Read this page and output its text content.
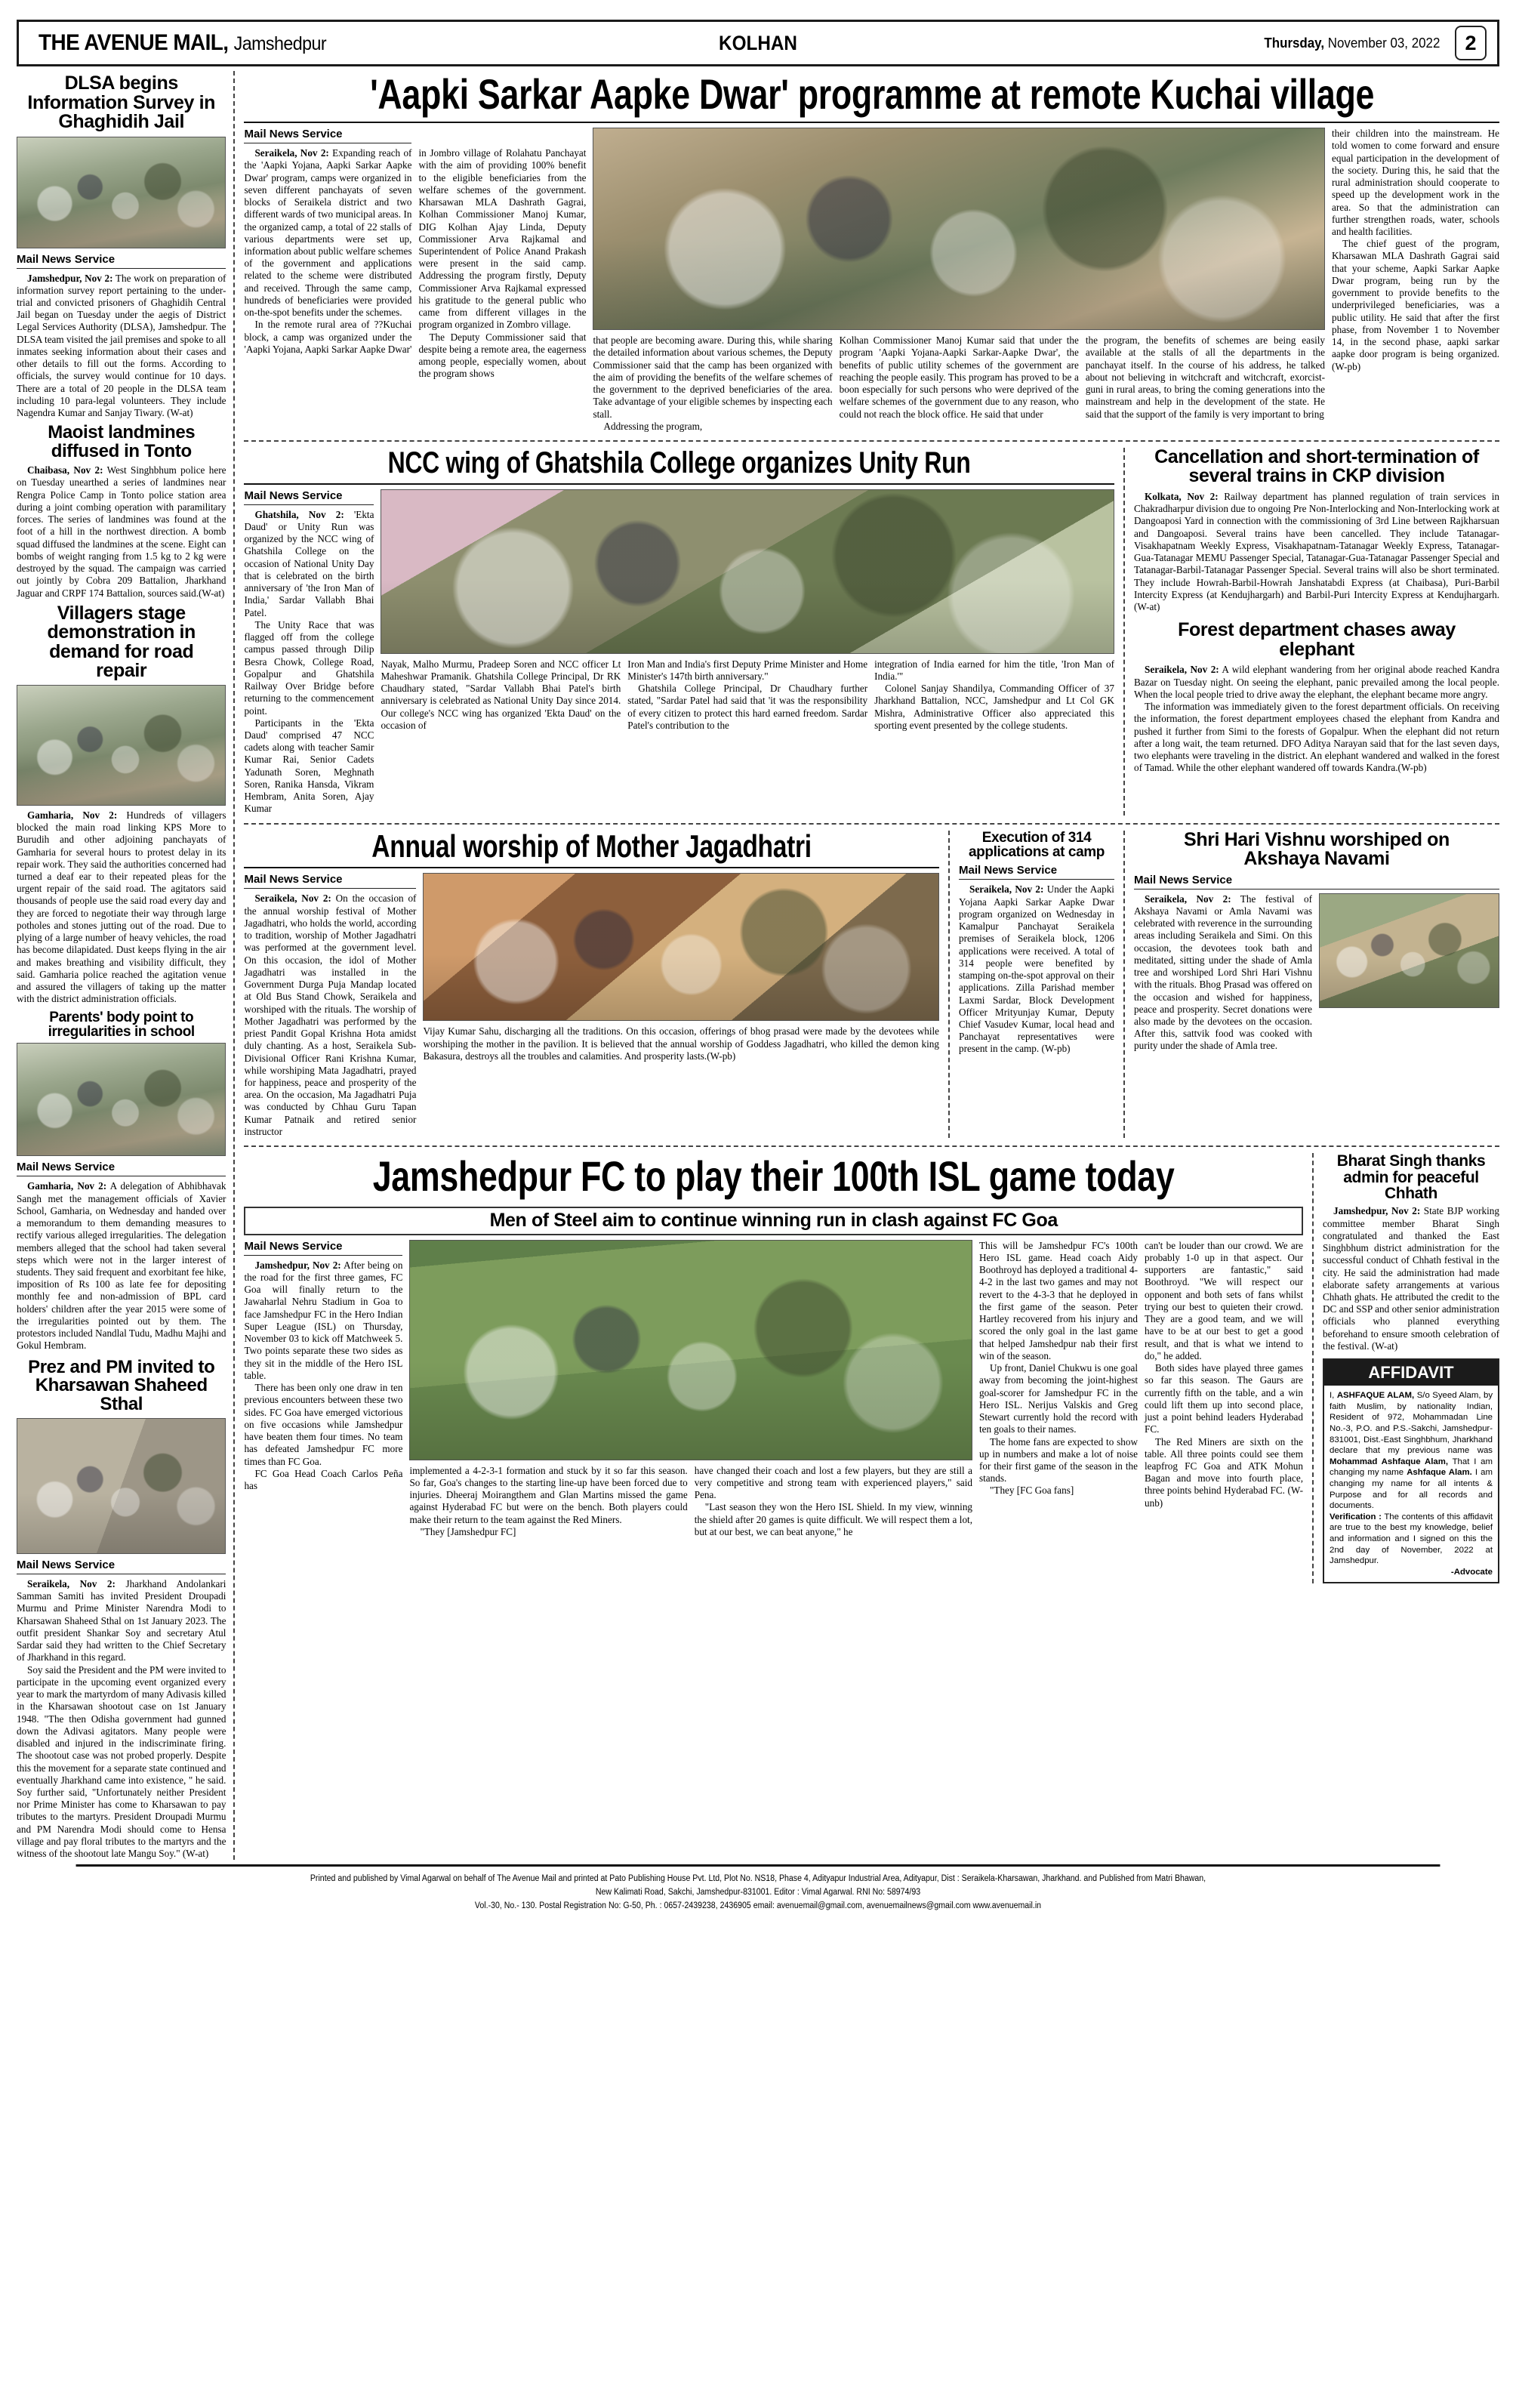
THE AVENUE MAIL, Jamshedpur	KOLHAN	Thursday, November 03, 2022	2
DLSA begins Information Survey in Ghaghidih Jail
Mail News Service

Jamshedpur, Nov 2: The work on preparation of information survey report pertaining to the under-trial and convicted prisoners of Ghaghidih Central Jail began on Tuesday under the aegis of District Legal Services Authority (DLSA), Jamshedpur. The DLSA team visited the jail premises and spoke to all inmates seeking information about their cases and other details to fill out the forms. According to officials, the survey would continue for 10 days. There are a total of 20 people in the DLSA team including 10 para-legal volunteers. They include Nagendra Kumar and Sanjay Tiwary. (W-at)

Maoist landmines diffused in Tonto

Chaibasa, Nov 2: West Singhbhum police here on Tuesday unearthed a series of landmines near Rengra Police Camp in Tonto police station area during a joint combing operation with paramilitary forces. The series of landmines was found at the foot of a hill in the northwest direction. A bomb squad diffused the landmines at the scene. Eight can bombs of weight ranging from 1.5 kg to 2 kg were destroyed by the squad. The campaign was carried out jointly by Cobra 209 Battalion, Jharkhand Jaguar and CRPF 174 Battalion, sources said.(W-at)

Villagers stage demonstration in demand for road repair

Gamharia, Nov 2: Hundreds of villagers blocked the main road linking KPS More to Burudih and other adjoining panchayats of Gamharia for several hours to protest delay in its repair work. They said the authorities concerned had turned a deaf ear to their repeated pleas for the urgent repair of the said road. The agitators said thousands of people use the said road every day and they are forced to negotiate their way through large potholes and stones jutting out of the road. Due to plying of a large number of heavy vehicles, the road has become dilapidated. Dust keeps flying in the air and makes breathing and visibility difficult, they said. Gamharia police reached the agitation venue and assured the villagers of taking up the matter with the district administration officials.

Parents' body point to irregularities in school
Mail News Service

Gamharia, Nov 2: A delegation of Abhibhavak Sangh met the management officials of Xavier School, Gamharia, on Wednesday and handed over a memorandum to them demanding measures to rectify various alleged irregularities. The delegation members alleged that the school had taken several steps which were not in the larger interest of students. They said frequent and exorbitant fee hike, imposition of Rs 100 as late fee for depositing monthly fee and non-admission of BPL card holders' children after the year 2015 were some of the irregularities pointed out by them. The protestors included Nandlal Tudu, Madhu Majhi and Gokul Hembram.

Prez and PM invited to Kharsawan Shaheed Sthal
Mail News Service

Seraikela, Nov 2: Jharkhand Andolankari Samman Samiti has invited President Droupadi Murmu and Prime Minister Narendra Modi to Kharsawan Shaheed Sthal on 1st January 2023. The outfit president Shankar Soy and secretary Atul Sardar said they had written to the Chief Secretary of Jharkhand in this regard.

Soy said the President and the PM were invited to participate in the upcoming event organized every year to mark the martyrdom of many Adivasis killed in the Kharsawan shootout case on 1st January 1948. "The then Odisha government had gunned down the Adivasi agitators. Many people were disabled and injured in the indiscriminate firing. The shootout case was not probed properly. Despite this the movement for a separate state continued and eventually Jharkhand came into existence, " he said. Soy further said, "Unfortunately neither President nor Prime Minister has come to Kharsawan to pay tributes to the martyrs. President Droupadi Murmu and PM Narendra Modi should come to Hensa village and pay floral tributes to the martyrs and the witness of the shootout late Mangu Soy." (W-at)

'Aapki Sarkar Aapke Dwar' programme at remote Kuchai village
Mail News Service

Seraikela, Nov 2: Expanding reach of the 'Aapki Yojana, Aapki Sarkar Aapke Dwar' program, camps were organized in seven different panchayats of seven blocks of Seraikela district and two different wards of two municipal areas. In the organized camp, a total of 22 stalls of various departments were set up, information about public welfare schemes of the government and applications related to the scheme were distributed and received. Through the same camp, hundreds of beneficiaries were provided on-the-spot benefits under the schemes.

In the remote rural area of ??Kuchai block, a camp was organized under the 'Aapki Yojana, Aapki Sarkar Aapke Dwar'

in Jombro village of Rolahatu Panchayat with the aim of providing 100% benefit to the eligible beneficiaries from the welfare schemes of the government. Kharsawan MLA Dashrath Gagrai, Kolhan Commissioner Manoj Kumar, DIG Kolhan Ajay Linda, Deputy Commissioner Arva Rajkamal and Superintendent of Police Anand Prakash were present in the said camp. Addressing the program firstly, Deputy Commissioner Arva Rajkamal expressed his gratitude to the general public who came from different villages in the program organized in Zombro village.

The Deputy Commissioner said that despite being a remote area, the eagerness among people, especially women, about the program shows

that people are becoming aware. During this, while sharing the detailed information about various schemes, the Deputy Commissioner said that the camp has been organized with the aim of providing the benefits of the welfare schemes of the government to the deprived beneficiaries of the area. Take advantage of your eligible schemes by inspecting each stall.

Addressing the program,

Kolhan Commissioner Manoj Kumar said that under the program 'Aapki Yojana-Aapki Sarkar-Aapke Dwar', the benefits of public utility schemes of the government are reaching the people easily. This program has proved to be a boon especially for such persons who were deprived of the welfare schemes of the government due to any reason, who could not reach the block office. He said that under

the program, the benefits of schemes are being easily available at the stalls of all the departments in the panchayat itself. In the course of his address, he talked about not believing in witchcraft and witchcraft, exorcist-guni in rural areas, to bring the coming generations into the mainstream and help in the development of the state. He said that the support of the family is very important to bring

their children into the mainstream. He told women to come forward and ensure equal participation in the development of the society. During this, he said that the rural administration should cooperate to speed up the development work in the area. So that the administration can further strengthen roads, water, schools and health facilities.

The chief guest of the program, Kharsawan MLA Dashrath Gagrai said that your scheme, Aapki Sarkar Aapke Dwar program, being run by the government to provide benefits to the underprivileged beneficiaries, was a public utility. He said that after the first phase, from November 1 to November 14, in the second phase, aapki sarkar aapke door program is being organized. (W-pb)

NCC wing of Ghatshila College organizes Unity Run
Mail News Service

Ghatshila, Nov 2: 'Ekta Daud' or Unity Run was organized by the NCC wing of Ghatshila College on the occasion of National Unity Day that is celebrated on the birth anniversary of 'the Iron Man of India,' Sardar Vallabh Bhai Patel.

The Unity Race that was flagged off from the college campus passed through Dilip Besra Chowk, College Road, Gopalpur and Ghatshila Railway Over Bridge before returning to the commencement point.

Participants in the 'Ekta Daud' comprised 47 NCC cadets along with teacher Samir Kumar Rai, Senior Cadets Yadunath Soren, Meghnath Soren, Ranika Hansda, Vikram Hembram, Anita Soren, Ajay Kumar

Nayak, Malho Murmu, Pradeep Soren and NCC officer Lt Maheshwar Pramanik. Ghatshila College Principal, Dr RK Chaudhary stated, "Sardar Vallabh Bhai Patel's birth anniversary is celebrated as National Unity Day since 2014. Our college's NCC wing has organized 'Ekta Daud' on the occasion of

Iron Man and India's first Deputy Prime Minister and Home Minister's 147th birth anniversary."

Ghatshila College Principal, Dr Chaudhary further stated, "Sardar Patel had said that 'it was the responsibility of every citizen to protect this hard earned freedom. Sardar Patel's contribution to the

integration of India earned for him the title, 'Iron Man of India.'"

Colonel Sanjay Shandilya, Commanding Officer of 37 Jharkhand Battalion, NCC, Jamshedpur and Lt Col GK Mishra, Administrative Officer also appreciated this sporting event presented by the college students.

Cancellation and short-termination of several trains in CKP division

Kolkata, Nov 2: Railway department has planned regulation of train services in Chakradharpur division due to ongoing Pre Non-Interlocking and Non-Interlocking work at Dangoaposi Yard in connection with the commissioning of 3rd Line between Rajkharsuan and Dangoaposi. Several trains have been cancelled. They include Tatanagar-Visakhapatnam Weekly Express, Visakhapatnam-Tatanagar Weekly Express, Tatanagar-Gua-Tatanagar MEMU Passenger Special, Tatanagar-Gua-Tatanagar Passenger Special and Tatanagar-Barbil-Tatanagar Passenger Special. Several trains will also be short terminated. They include Howrah-Barbil-Howrah Janshatabdi Express (at Chaibasa), Puri-Barbil Intercity Express (at Kendujhargarh) and Barbil-Puri Intercity Express at Kendujhargarh. (W-at)

Forest department chases away elephant

Seraikela, Nov 2: A wild elephant wandering from her original abode reached Kandra Bazar on Tuesday night. On seeing the elephant, panic prevailed among the local people. When the local people tried to drive away the elephant, the elephant became more angry.

The information was immediately given to the forest department officials. On receiving the information, the forest department employees chased the elephant from Kandra and pushed it further from Simi to the forests of Gopalpur. When the elephant did not return after a long wait, the team returned. DFO Aditya Narayan said that for the last seven days, two elephants were traveling in the district. An elephant wandered and walked in the forest of Tamad. While the other elephant wandered off towards Kandra.(W-pb)

Annual worship of Mother Jagadhatri
Mail News Service

Seraikela, Nov 2: On the occasion of the annual worship festival of Mother Jagadhatri, who holds the world, according to tradition, worship of Mother Jagadhatri was performed at the government level. On this occasion, the idol of Mother Jagadhatri was installed in the Government Durga Puja Mandap located at Old Bus Stand Chowk, Seraikela and worshiped with the rituals. The worship of Mother Jagadhatri was performed by the priest Pandit Gopal Krishna Hota amidst duly chanting. As a host, Seraikela Sub-Divisional Officer Rani Krishna Kumar, while worshiping Mata Jagadhatri, prayed for happiness, peace and prosperity of the area. On the occasion, Ma Jagadhatri Puja was conducted by Chhau Guru Tapan Kumar Patnaik and retired senior instructor

Vijay Kumar Sahu, discharging all the traditions. On this occasion, offerings of bhog prasad were made by the devotees while worshiping the mother in the pavilion. It is believed that the annual worship of Goddess Jagadhatri, who killed the demon king Bakasura, destroys all the troubles and calamities. And prosperity lasts.(W-pb)

Execution of 314 applications at camp
Mail News Service

Seraikela, Nov 2: Under the Aapki Yojana Aapki Sarkar Aapke Dwar program organized on Wednesday in Kamalpur Panchayat Seraikela premises of Seraikela block, 1206 applications were received. A total of 314 people were benefited by stamping on-the-spot approval on their applications. Zilla Parishad member Laxmi Sardar, Block Development Officer Mrityunjay Kumar, Deputy Chief Vasudev Kumar, local head and Panchayat representatives were present in the camp. (W-pb)

Shri Hari Vishnu worshiped on Akshaya Navami
Mail News Service

Seraikela, Nov 2: The festival of Akshaya Navami or Amla Navami was celebrated with reverence in the surrounding areas including Seraikela and Simi. On this occasion, the devotees took bath and meditated, sitting under the shade of Amla tree and worshiped Lord Shri Hari Vishnu with the rituals. Bhog Prasad was offered on the occasion and wished for happiness, peace and prosperity. Secret donations were also made by the devotees on the occasion. After this, sattvik food was cooked with purity under the shade of Amla tree.

Jamshedpur FC to play their 100th ISL game today
Men of Steel aim to continue winning run in clash against FC Goa
Mail News Service

Jamshedpur, Nov 2: After being on the road for the first three games, FC Goa will finally return to the Jawaharlal Nehru Stadium in Goa to face Jamshedpur FC in the Hero Indian Super League (ISL) on Thursday, November 03 to kick off Matchweek 5. Two points separate these two sides as they sit in the middle of the Hero ISL table.

There has been only one draw in ten previous encounters between these two sides. FC Goa have emerged victorious on five occasions while Jamshedpur have beaten them four times. No team has defeated Jamshedpur FC more times than FC Goa.

FC Goa Head Coach Carlos Peña has

implemented a 4-2-3-1 formation and stuck by it so far this season. So far, Goa's changes to the starting line-up have been forced due to injuries. Dheeraj Moirangthem and Glan Martins missed the game against Hyderabad FC but were on the bench. Both players could make their return to the team against the Red Miners.

"They [Jamshedpur FC]

have changed their coach and lost a few players, but they are still a very competitive and strong team with experienced players," said Pena.

"Last season they won the Hero ISL Shield. In my view, winning the shield after 20 games is quite difficult. We will respect them a lot, but at our best, we can beat anyone," he

This will be Jamshedpur FC's 100th Hero ISL game. Head coach Aidy Boothroyd has deployed a traditional 4-4-2 in the last two games and may not revert to the 4-3-3 that he deployed in the first game of the season. Peter Hartley recovered from his injury and scored the only goal in the last game that helped Jamshedpur nab their first win of the season.

Up front, Daniel Chukwu is one goal away from becoming the joint-highest goal-scorer for Jamshedpur FC in the Hero ISL. Nerijus Valskis and Greg Stewart currently hold the record with ten goals to their names.

The home fans are expected to show up in numbers and make a lot of noise for their first game of the season in the stands.

"They [FC Goa fans]

can't be louder than our crowd. We are probably 1-0 up in that aspect. Our supporters are fantastic," said Boothroyd. "We will respect our opponent and both sets of fans whilst trying our best to quieten their crowd. They are a good team, and we will have to be at our best to get a good result, and that is what we intend to do," he added.

Both sides have played three games so far this season. The Gaurs are currently fifth on the table, and a win could lift them up into second place, just a point behind leaders Hyderabad FC.

The Red Miners are sixth on the table. All three points could see them leapfrog FC Goa and ATK Mohun Bagan and move into fourth place, three points behind Hyderabad FC. (W-unb)

Bharat Singh thanks admin for peaceful Chhath

Jamshedpur, Nov 2: State BJP working committee member Bharat Singh congratulated and thanked the East Singhbhum district administration for the successful conduct of Chhath festival in the city. He said the administration had made elaborate safety arrangements at various Chhath ghats. He attributed the credit to the DC and SSP and other senior administration officials who planned everything beforehand to ensure smooth celebration of the festival. (W-at)

AFFIDAVIT
I, ASHFAQUE ALAM, S/o Syeed Alam, by faith Muslim, by nationality Indian, Resident of 972, Mohammadan Line No.-3, P.O. and P.S.-Sakchi, Jamshedpur-831001, Dist.-East Singhbhum, Jharkhand declare that my previous name was Mohammad Ashfaque Alam, That I am changing my name Ashfaque Alam. I am changing my name for all intents & Purpose and for all records and documents.
Verification : The contents of this affidavit are true to the best my knowledge, belief and information and I signed on this the 2nd day of November, 2022 at Jamshedpur.
-Advocate
Printed and published by Vimal Agarwal on behalf of The Avenue Mail and printed at Pato Publishing House Pvt. Ltd, Plot No. NS18, Phase 4, Adityapur Industrial Area, Adityapur, Dist : Seraikela-Kharsawan, Jharkhand. and Published from Matri Bhawan,
New Kalimati Road, Sakchi, Jamshedpur-831001. Editor : Vimal Agarwal. RNI No: 58974/93
Vol.-30, No.- 130. Postal Registration No: G-50, Ph. : 0657-2439238, 2436905 email: avenuemail@gmail.com, avenuemailnews@gmail.com www.avenuemail.in
